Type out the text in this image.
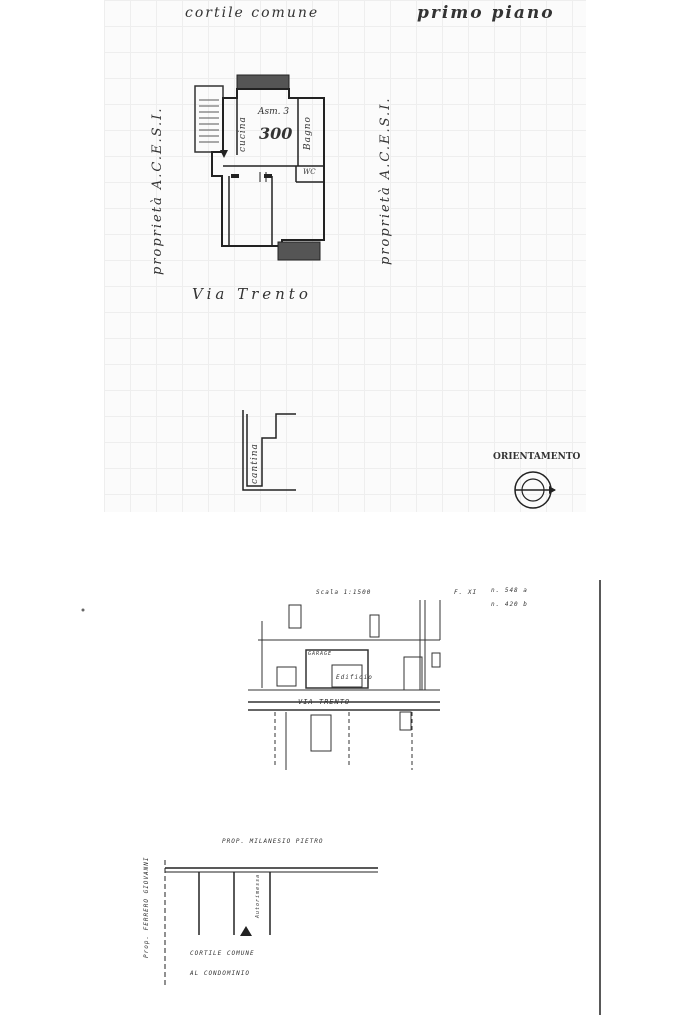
cortile comune	primo piano
proprietà A.C.E.S.I.	proprietà A.C.E.S.I.
cucina	Bagno
WC
Asm. 3
300
Via Trento
cantina	ORIENTAMENTO
Scala 1:1500	F. XI n. 548 a
n. 420 b
GARAGE
Edificio
VIA TRENTO
PROP. MILANESIO PIETRO
Prop. FERRERO GIOVANNI	Autorimessa
CORTILE COMUNE
AL CONDOMINIO
